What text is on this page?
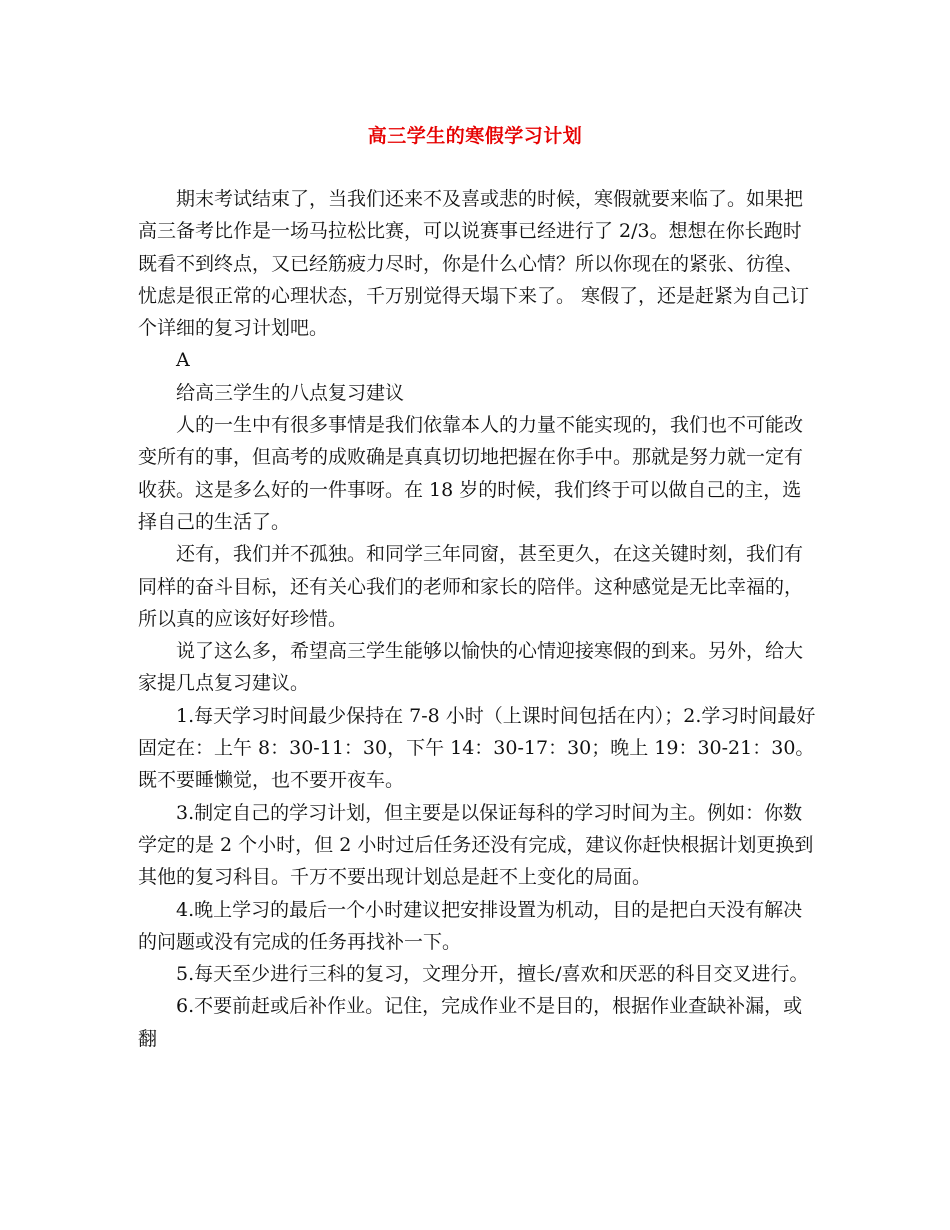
高三学生的寒假学习计划

期末考试结束了，当我们还来不及喜或悲的时候，寒假就要来临了。如果把高三备考比作是一场马拉松比赛，可以说赛事已经进行了 2/3。想想在你长跑时既看不到终点，又已经筋疲力尽时，你是什么心情？所以你现在的紧张、彷徨、忧虑是很正常的心理状态，千万别觉得天塌下来了。 寒假了，还是赶紧为自己订个详细的复习计划吧。

A

给高三学生的八点复习建议

人的一生中有很多事情是我们依靠本人的力量不能实现的，我们也不可能改变所有的事，但高考的成败确是真真切切地把握在你手中。那就是努力就一定有收获。这是多么好的一件事呀。在 18 岁的时候，我们终于可以做自己的主，选择自己的生活了。

还有，我们并不孤独。和同学三年同窗，甚至更久，在这关键时刻，我们有同样的奋斗目标，还有关心我们的老师和家长的陪伴。这种感觉是无比幸福的，所以真的应该好好珍惜。

说了这么多，希望高三学生能够以愉快的心情迎接寒假的到来。另外，给大家提几点复习建议。

1.每天学习时间最少保持在 7-8 小时（上课时间包括在内）；2.学习时间最好固定在：上午 8：30-11：30，下午 14：30-17：30；晚上 19：30-21：30。既不要睡懒觉，也不要开夜车。

3.制定自己的学习计划，但主要是以保证每科的学习时间为主。例如：你数学定的是 2 个小时，但 2 小时过后任务还没有完成，建议你赶快根据计划更换到其他的复习科目。千万不要出现计划总是赶不上变化的局面。

4.晚上学习的最后一个小时建议把安排设置为机动，目的是把白天没有解决的问题或没有完成的任务再找补一下。

5.每天至少进行三科的复习，文理分开，擅长/喜欢和厌恶的科目交叉进行。

6.不要前赶或后补作业。记住，完成作业不是目的，根据作业查缺补漏，或翻
